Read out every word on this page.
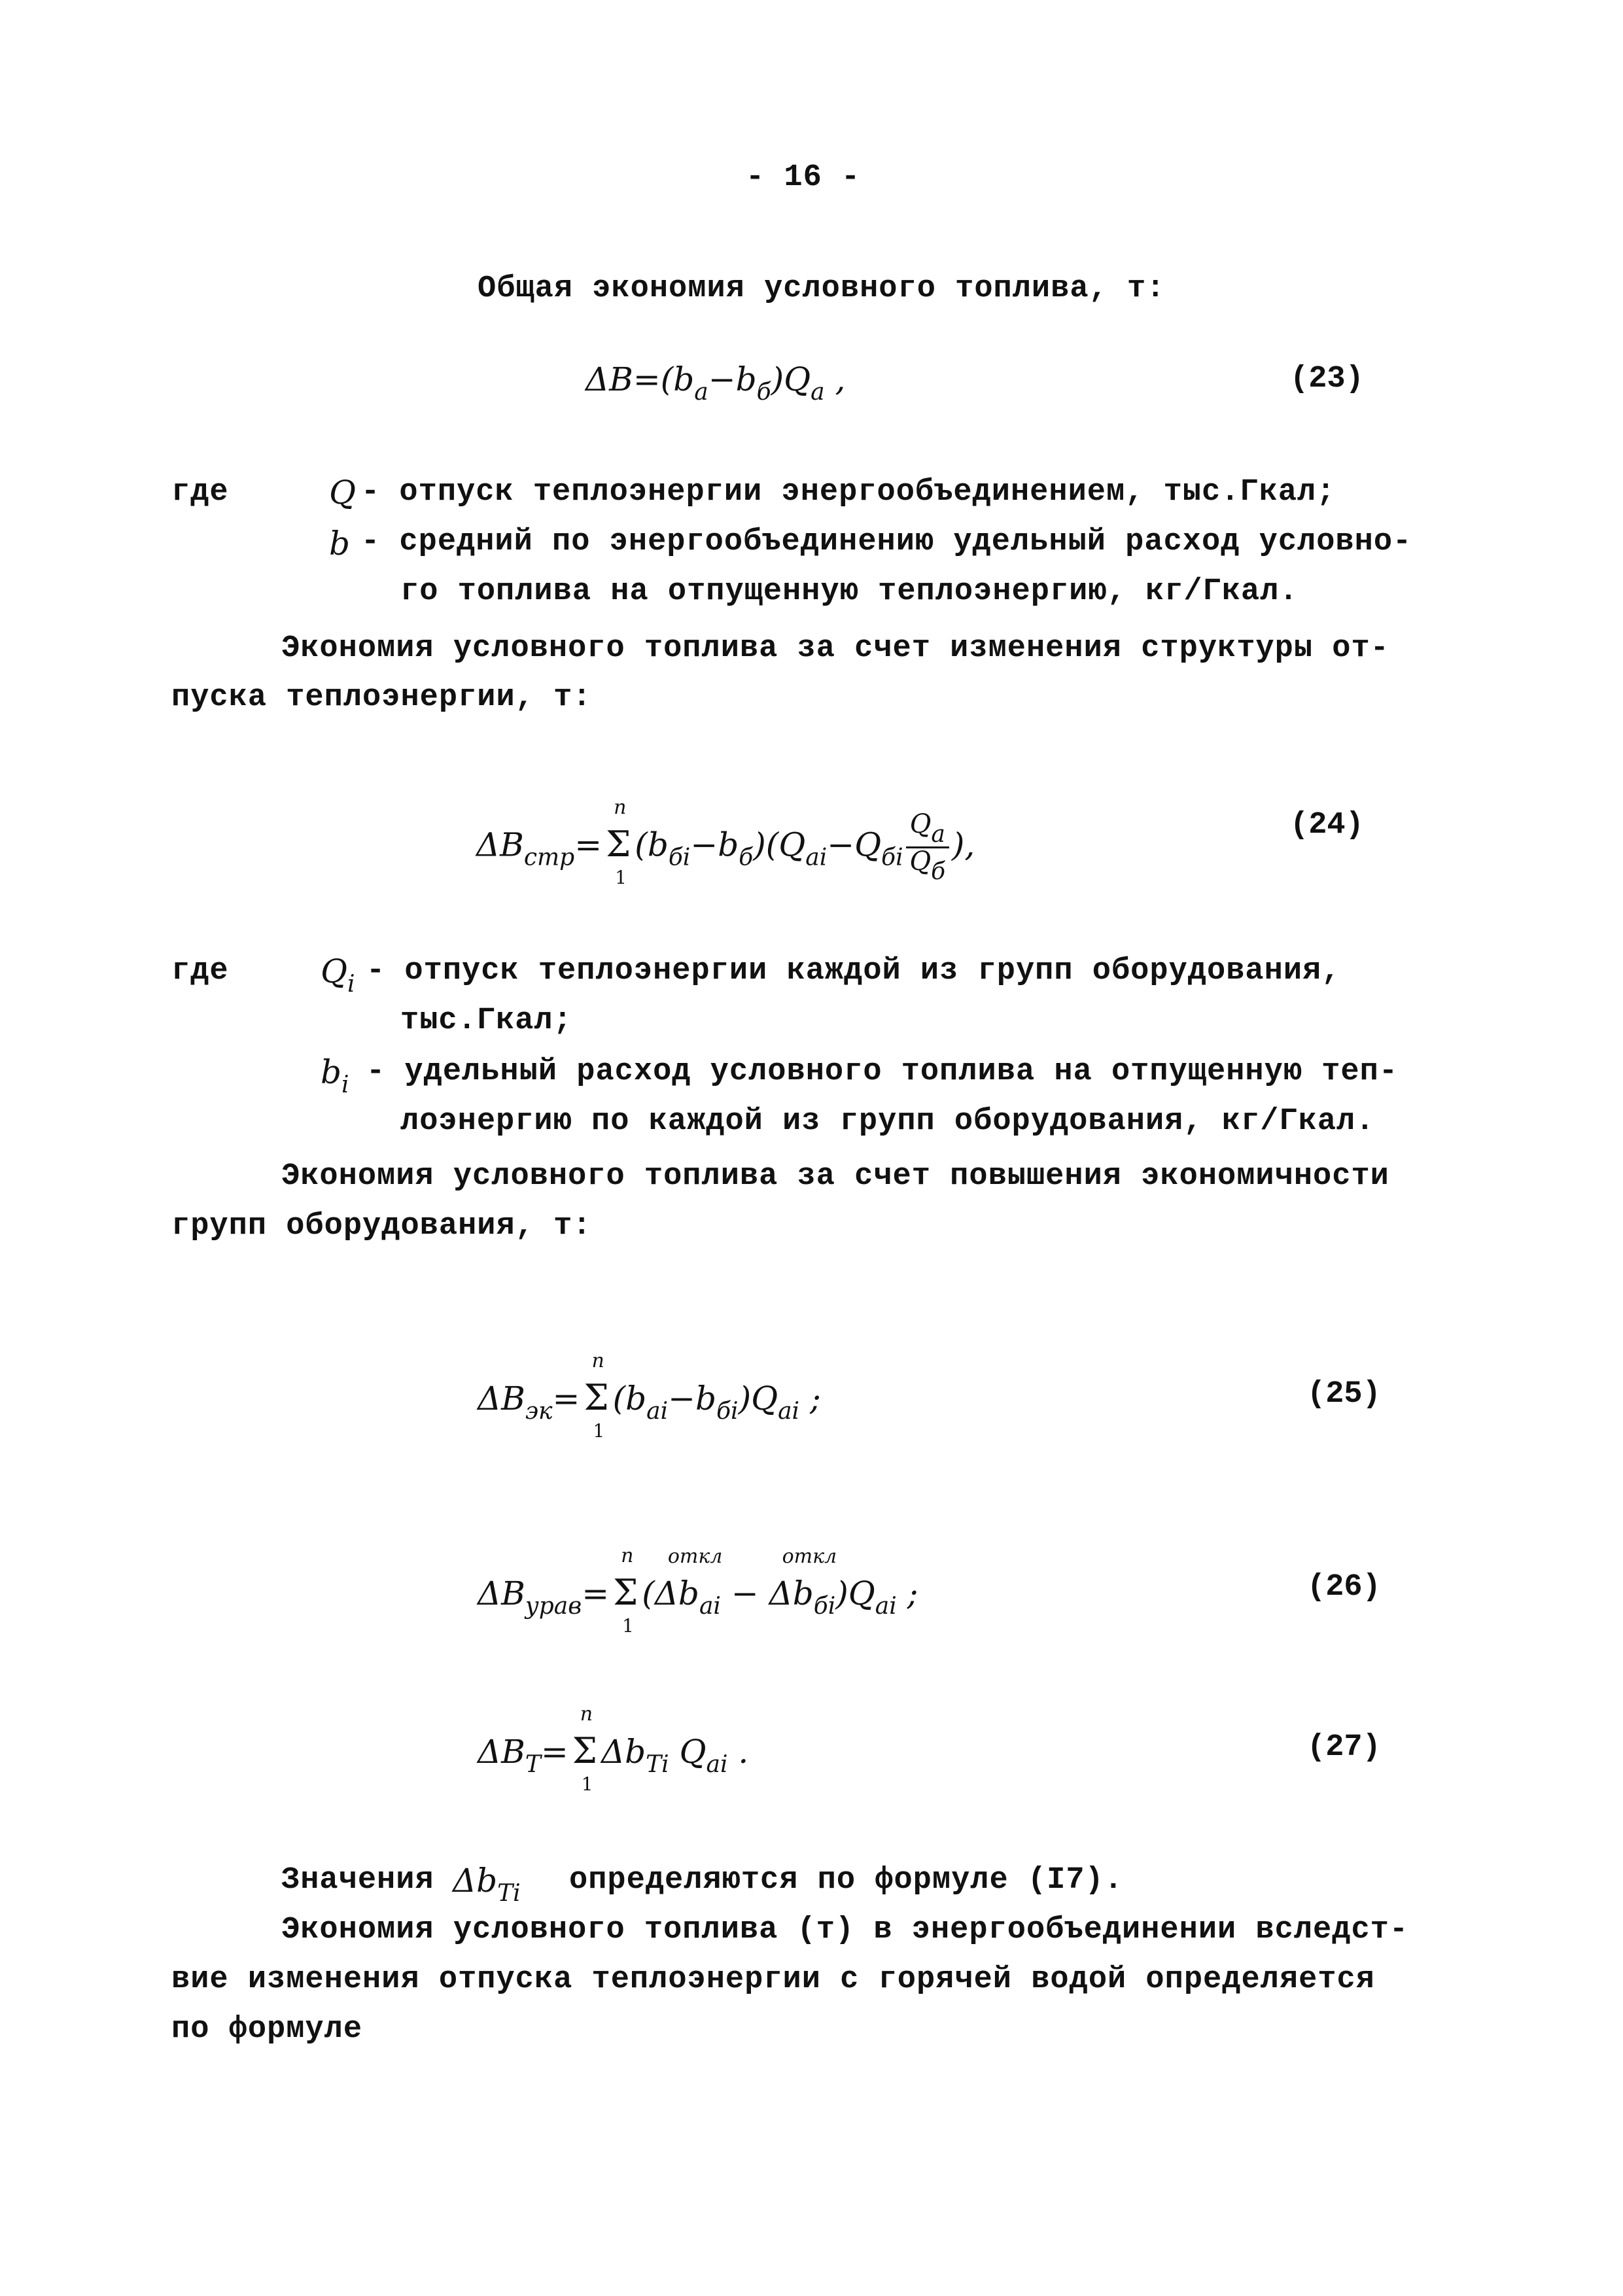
- 16 -
Общая экономия условного топлива, т:
$\Delta B=(b_a-b_б)Q_a$ ,	(23)
где	Q - отпуск теплоэнергии энергообъединением, тыс.Гкал;
b - средний по энергообъединению удельный расход условно-
го топлива на отпущенную теплоэнергию, кг/Гкал.
Экономия условного топлива за счет изменения структуры от-
пуска теплоэнергии, т:
$\Delta B_{стр}= \Sigma$
n
1
$(b_{бi}-b_б)(Q_{ai}-Q_{бi} \frac{Q_a}{Q_б}$ ),
(24)
где	$Q_i$ - отпуск теплоэнергии каждой из групп оборудования,
тыс.Гкал;
$b_i$ - удельный расход условного топлива на отпущенную теп-
лоэнергию по каждой из групп оборудования, кг/Гкал.
Экономия условного топлива за счет повышения экономичности
групп оборудования, т:
$\Delta B_{эк}= \Sigma$
n
1
$(b_{ai}-b_{бi})Q_{ai}$ ;	(25)
$\Delta B_{урав}= \Sigma$
n
1
($\Delta b_{ai}$
откл
− $\Delta b_{бi}$
откл
)$Q_{ai}$ ;	(26)
$\Delta B_T= \Sigma$
n
1
$\Delta b_{Ti}$ $Q_{ai}$ .	(27)
Значения $\Delta b_{Ti}$ определяются по формуле (I7).
Экономия условного топлива (т) в энергообъединении вследст-
вие изменения отпуска теплоэнергии с горячей водой определяется
по формуле
